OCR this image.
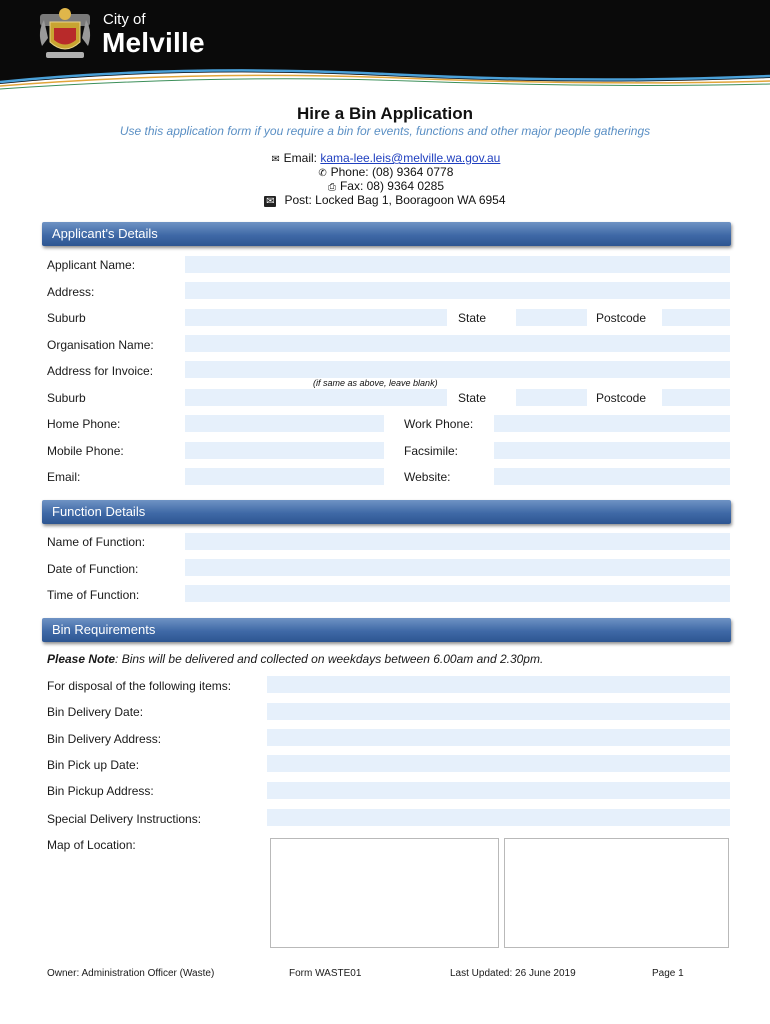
City of
Melville
Hire a Bin Application
Use this application form if you require a bin for events, functions and other major people gatherings
✉ Email: kama-lee.leis@melville.wa.gov.au
✆ Phone: (08) 9364 0778
⎙ Fax: 08) 9364 0285
✉ Post: Locked Bag 1, Booragoon WA 6954
Applicant's Details
Applicant Name:
Address:
Suburb	State	Postcode
Organisation Name:
Address for Invoice:
(if same as above, leave blank)
Suburb	State	Postcode
Home Phone:	Work Phone:
Mobile Phone:	Facsimile:
Email:	Website:
Function Details
Name of Function:
Date of Function:
Time of Function:
Bin Requirements
Please Note: Bins will be delivered and collected on weekdays between 6.00am and 2.30pm.
For disposal of the following items:
Bin Delivery Date:
Bin Delivery Address:
Bin Pick up Date:
Bin Pickup Address:
Special Delivery Instructions:
Map of Location:
Owner: Administration Officer (Waste)	Form WASTE01	Last Updated: 26 June 2019	Page 1
